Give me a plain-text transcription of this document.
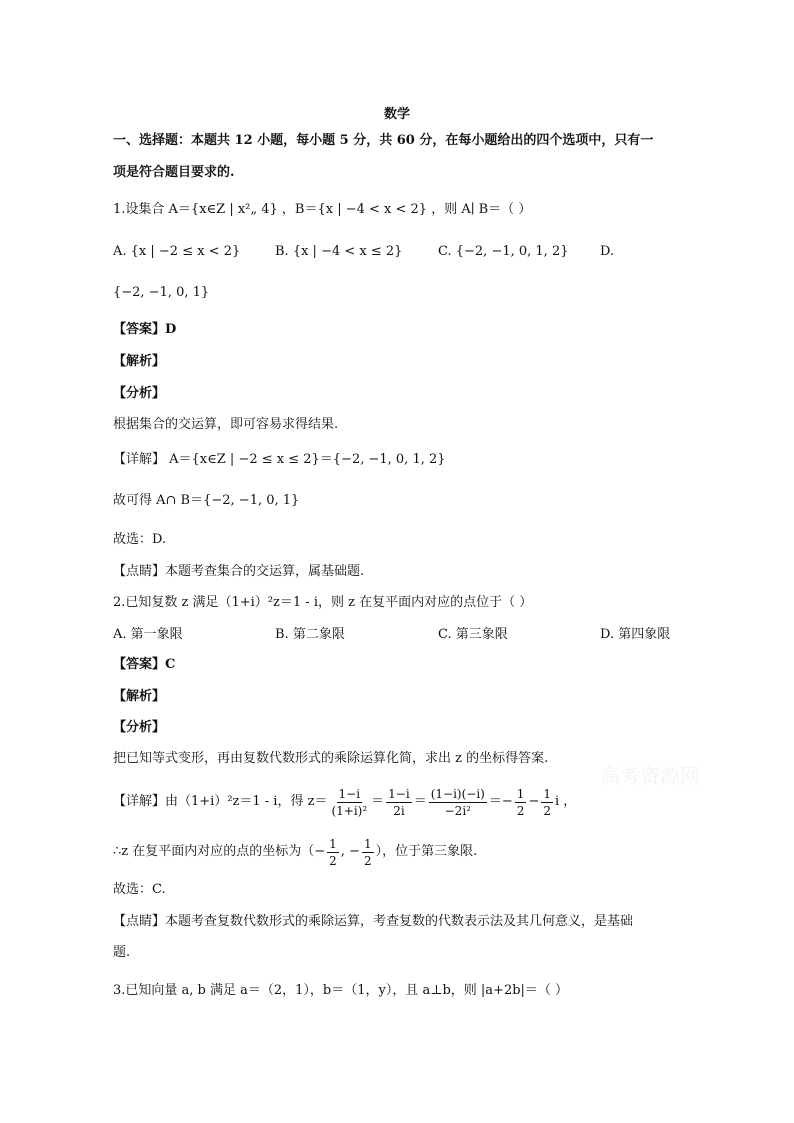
数学
一、选择题：本题共 12 小题，每小题 5 分，共 60 分，在每小题给出的四个选项中，只有一
项是符合题目要求的.
1.设集合 A＝{x∈Z | x²„ 4} ，B＝{x | −4 < x < 2} ，则 A∣ B＝（ ）
A. {x | −2 ≤ x < 2}	B. {x | −4 < x ≤ 2}	C. {−2, −1, 0, 1, 2} D.
{−2, −1, 0, 1}
【答案】D
【解析】
【分析】
根据集合的交运算，即可容易求得结果.
【详解】 A＝{x∈Z | −2 ≤ x ≤ 2}＝{−2, −1, 0, 1, 2}
故可得 A∩ B＝{−2, −1, 0, 1}
故选：D.
【点睛】本题考查集合的交运算，属基础题.
2.已知复数 z 满足（1+i）²z＝1 - i，则 z 在复平面内对应的点位于（ ）
A. 第一象限	B. 第二象限	C. 第三象限	D. 第四象限
【答案】C
【解析】
【分析】
把已知等式变形，再由复数代数形式的乘除运算化简，求出 z 的坐标得答案.
【详解】由（1+i）²z＝1 - i，得 $z= \frac{1-i}{\text{(1+i)²}} = \frac{1-i}{2i} = \frac{(1-i)(-i)}{\text{−2i²}}$ ＝ − $\frac{1}{2} - \frac{1}{2}$ i ，
∴z 在复平面内对应的点的坐标为（− $\frac{1}{2}$ , − $\frac{1}{2}$ ），位于第三象限.
故选：C.
【点睛】本题考查复数代数形式的乘除运算，考查复数的代数表示法及其几何意义，是基础
题.
3.已知向量 a, b 满足 a＝（2，1），b＝（1，y），且 a⊥b，则 |a+2b|＝（ ）
高考资源网
